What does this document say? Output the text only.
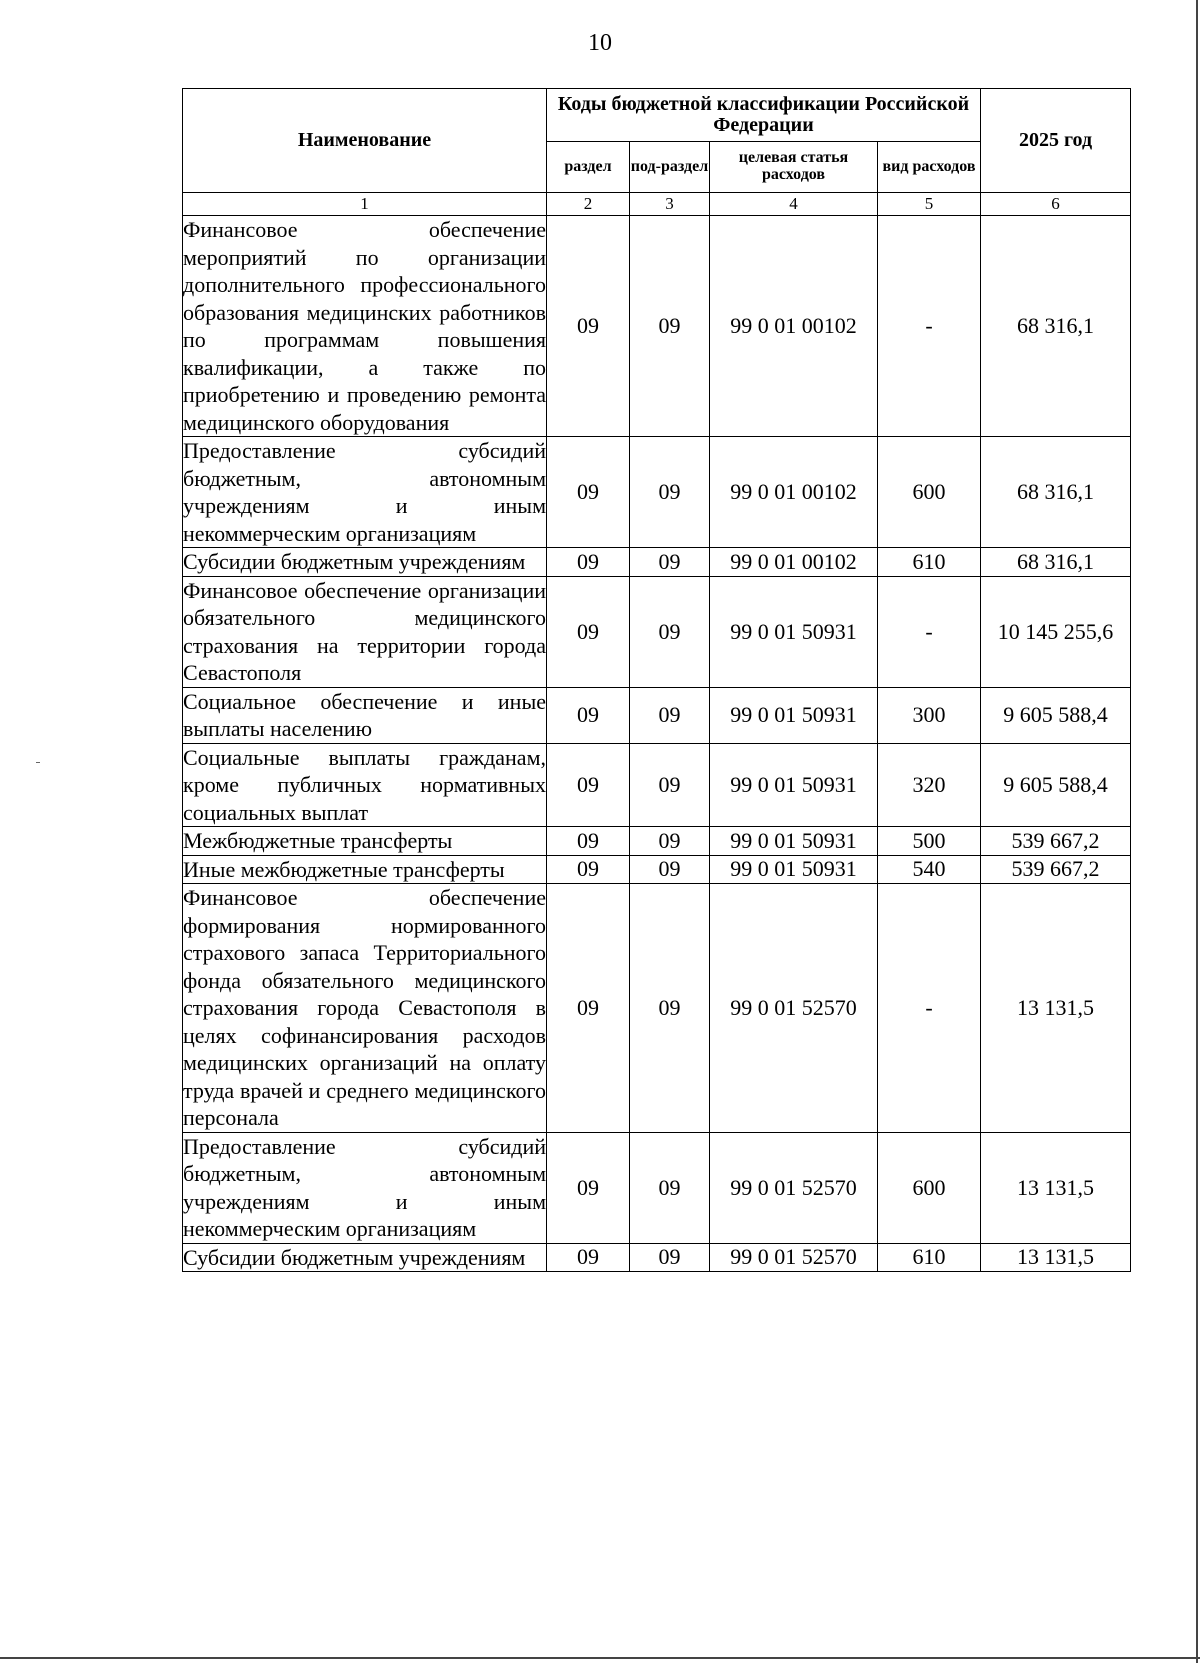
10
Наименование	Коды бюджетной классификации Российской Федерации				2025 год
	раздел	под-раздел	целевая статья расходов	вид расходов	
1	2	3	4	5	6
Финансовое обеспечение мероприятий по организации дополнительного профессионального образования медицинских работников по программам повышения квалификации, а также по приобретению и проведению ремонта медицинского оборудования	09	09	99 0 01 00102	-	68 316,1
Предоставление субсидий бюджетным, автономным учреждениям и иным некоммерческим организациям	09	09	99 0 01 00102	600	68 316,1
Субсидии бюджетным учреждениям	09	09	99 0 01 00102	610	68 316,1
Финансовое обеспечение организации обязательного медицинского страхования на территории города Севастополя	09	09	99 0 01 50931	-	10 145 255,6
Социальное обеспечение и иные выплаты населению	09	09	99 0 01 50931	300	9 605 588,4
Социальные выплаты гражданам, кроме публичных нормативных социальных выплат	09	09	99 0 01 50931	320	9 605 588,4
Межбюджетные трансферты	09	09	99 0 01 50931	500	539 667,2
Иные межбюджетные трансферты	09	09	99 0 01 50931	540	539 667,2
Финансовое обеспечение формирования нормированного страхового запаса Территориального фонда обязательного медицинского страхования города Севастополя в целях софинансирования расходов медицинских организаций на оплату труда врачей и среднего медицинского персонала	09	09	99 0 01 52570	-	13 131,5
Предоставление субсидий бюджетным, автономным учреждениям и иным некоммерческим организациям	09	09	99 0 01 52570	600	13 131,5
Субсидии бюджетным учреждениям	09	09	99 0 01 52570	610	13 131,5
